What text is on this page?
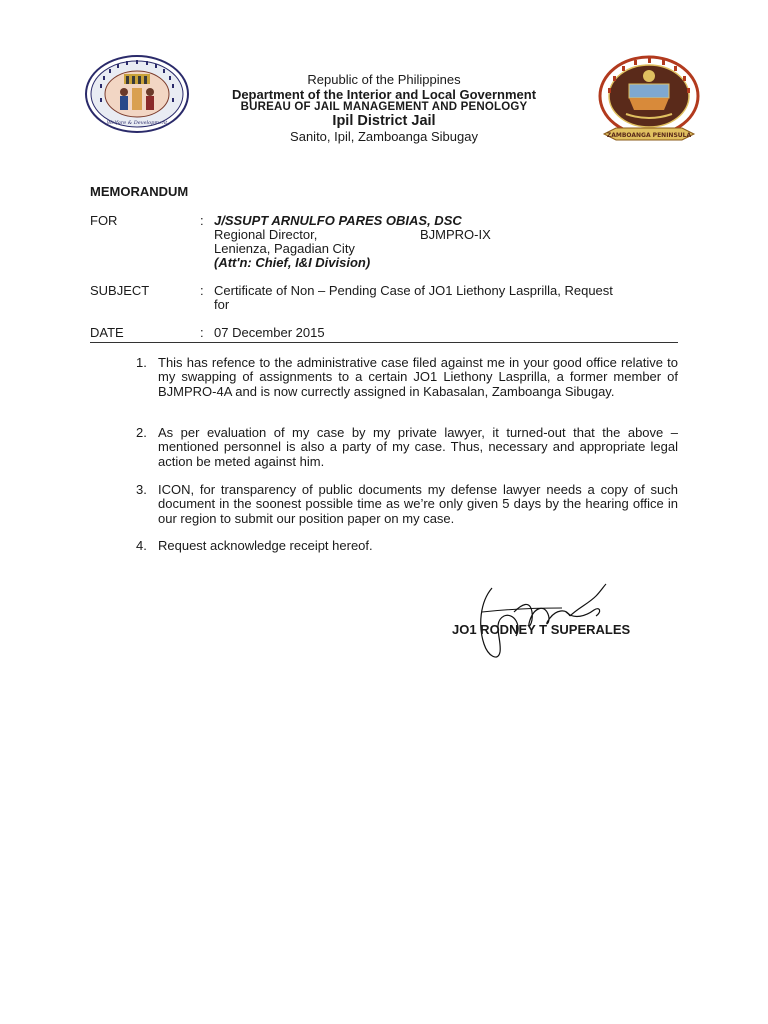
Welfare & Development
ZAMBOANGA PENINSULA
Republic of the Philippines
Department of the Interior and Local Government
BUREAU OF JAIL MANAGEMENT AND PENOLOGY
Ipil District Jail
Sanito, Ipil, Zamboanga Sibugay
MEMORANDUM
FOR	: J/SSUPT ARNULFO PARES OBIAS, DSC
Regional Director,	BJMPRO-IX
Lenienza, Pagadian City
(Att'n: Chief, I&I Division)
SUBJECT	: Certificate of Non – Pending Case of JO1 Liethony Lasprilla, Request
for
DATE	: 07 December 2015
1. This has refence to the administrative case filed against me in your good office relative to my swapping of assignments to a certain JO1 Liethony Lasprilla, a former member of BJMPRO-4A and is now currectly assigned in Kabasalan, Zamboanga Sibugay.
2. As per evaluation of my case by my private lawyer, it turned-out that the above – mentioned personnel is also a party of my case. Thus, necessary and appropriate legal action be meted against him.
3. ICON, for transparency of public documents my defense lawyer needs a copy of such document in the soonest possible time as we’re only given 5 days by the hearing office in our region to submit our position paper on my case.
4. Request acknowledge receipt hereof.
JO1 RODNEY T SUPERALES
